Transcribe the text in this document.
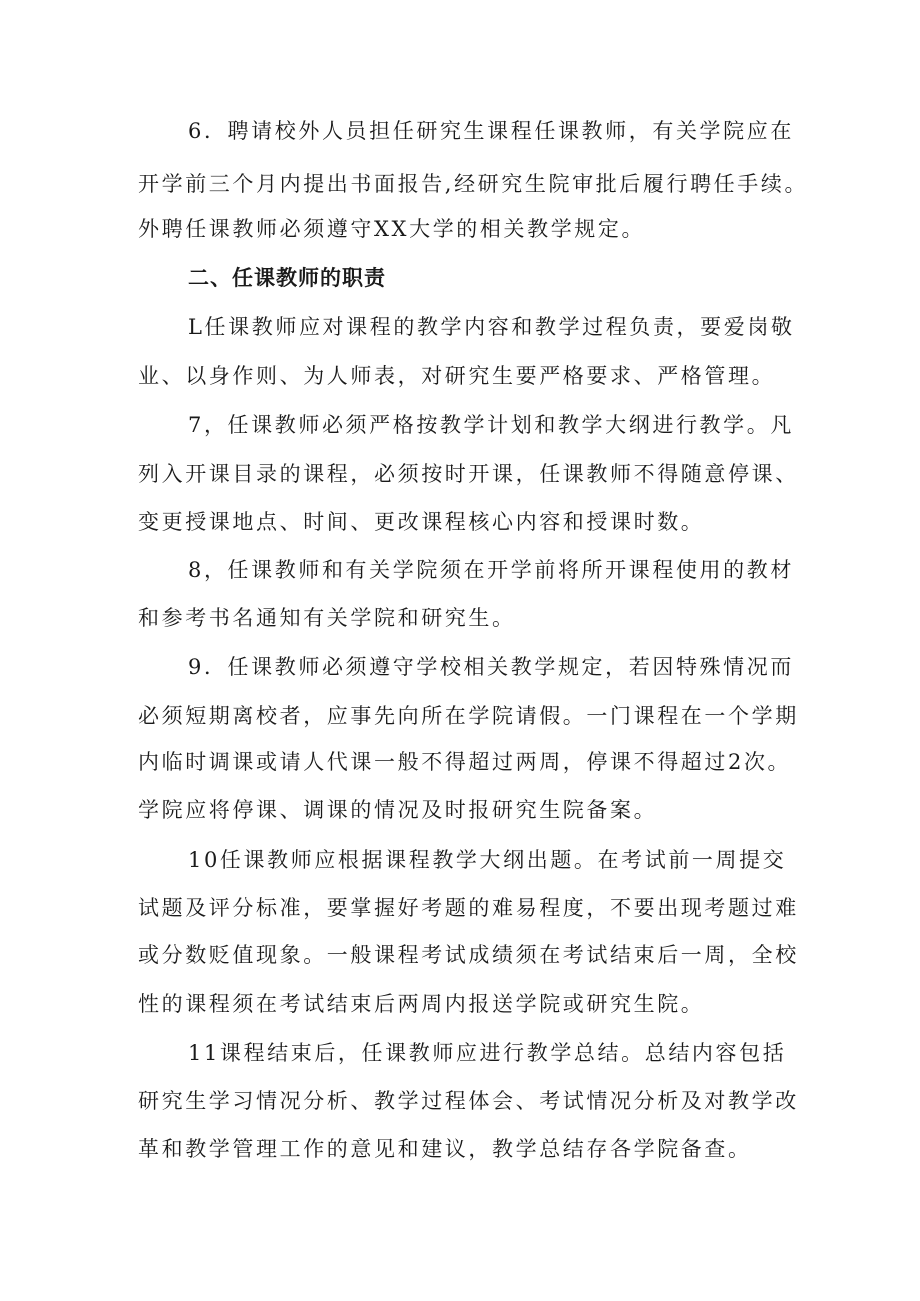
6．聘请校外人员担任研究生课程任课教师，有关学院应在
开学前三个月内提出书面报告,经研究生院审批后履行聘任手续。
外聘任课教师必须遵守XX大学的相关教学规定。
二、任课教师的职责
L任课教师应对课程的教学内容和教学过程负责，要爱岗敬
业、以身作则、为人师表，对研究生要严格要求、严格管理。
7，任课教师必须严格按教学计划和教学大纲进行教学。凡
列入开课目录的课程，必须按时开课，任课教师不得随意停课、
变更授课地点、时间、更改课程核心内容和授课时数。
8，任课教师和有关学院须在开学前将所开课程使用的教材
和参考书名通知有关学院和研究生。
9．任课教师必须遵守学校相关教学规定，若因特殊情况而
必须短期离校者，应事先向所在学院请假。一门课程在一个学期
内临时调课或请人代课一般不得超过两周，停课不得超过2次。
学院应将停课、调课的情况及时报研究生院备案。
10任课教师应根据课程教学大纲出题。在考试前一周提交
试题及评分标准，要掌握好考题的难易程度，不要出现考题过难
或分数贬值现象。一般课程考试成绩须在考试结束后一周，全校
性的课程须在考试结束后两周内报送学院或研究生院。
11课程结束后，任课教师应进行教学总结。总结内容包括
研究生学习情况分析、教学过程体会、考试情况分析及对教学改
革和教学管理工作的意见和建议，教学总结存各学院备查。
